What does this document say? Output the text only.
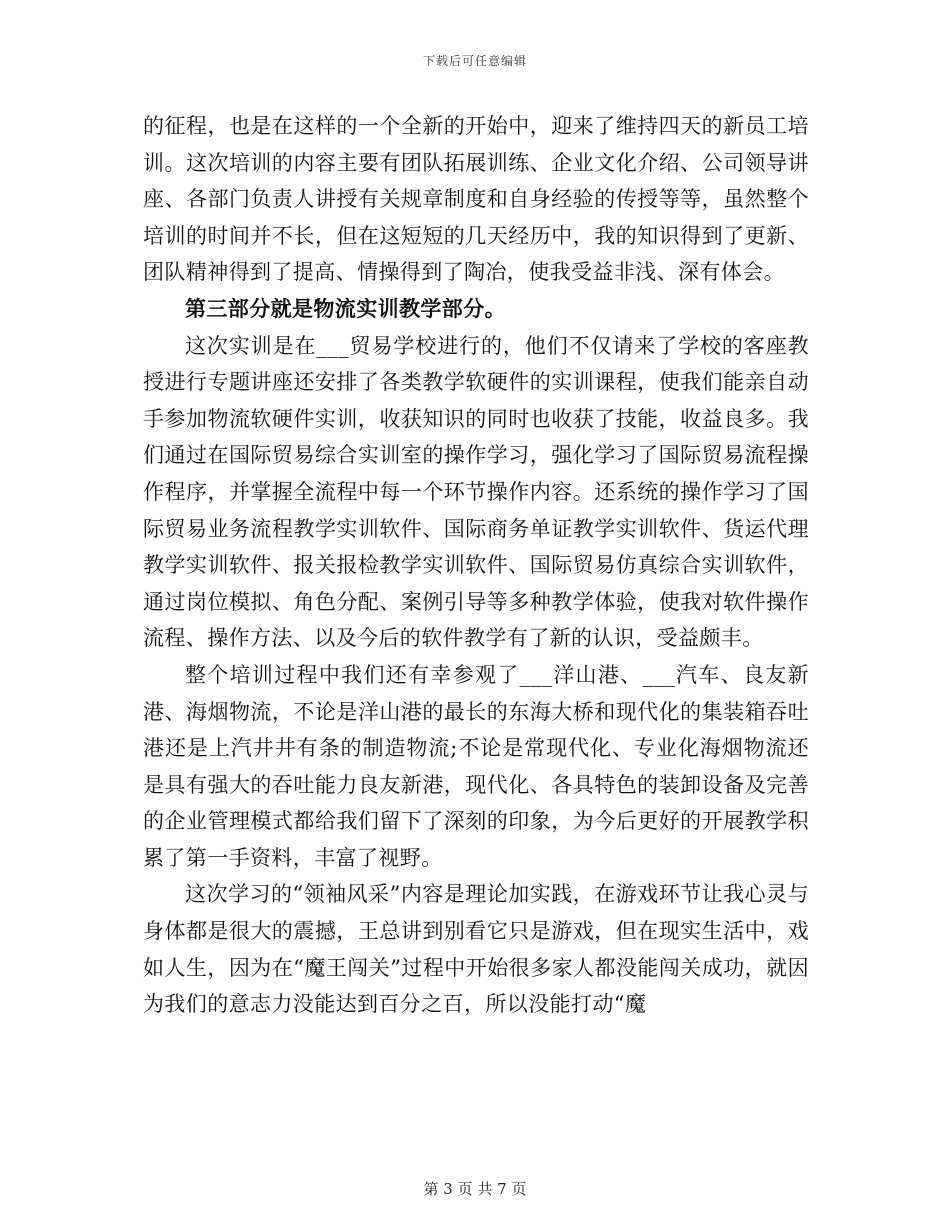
下载后可任意编辑

的征程，也是在这样的一个全新的开始中，迎来了维持四天的新员工培训。这次培训的内容主要有团队拓展训练、企业文化介绍、公司领导讲座、各部门负责人讲授有关规章制度和自身经验的传授等等，虽然整个培训的时间并不长，但在这短短的几天经历中，我的知识得到了更新、团队精神得到了提高、情操得到了陶冶，使我受益非浅、深有体会。

第三部分就是物流实训教学部分。

这次实训是在___贸易学校进行的，他们不仅请来了学校的客座教授进行专题讲座还安排了各类教学软硬件的实训课程，使我们能亲自动手参加物流软硬件实训，收获知识的同时也收获了技能，收益良多。我们通过在国际贸易综合实训室的操作学习，强化学习了国际贸易流程操作程序，并掌握全流程中每一个环节操作内容。还系统的操作学习了国际贸易业务流程教学实训软件、国际商务单证教学实训软件、货运代理教学实训软件、报关报检教学实训软件、国际贸易仿真综合实训软件，通过岗位模拟、角色分配、案例引导等多种教学体验，使我对软件操作流程、操作方法、以及今后的软件教学有了新的认识，受益颇丰。

整个培训过程中我们还有幸参观了___洋山港、___汽车、良友新港、海烟物流，不论是洋山港的最长的东海大桥和现代化的集装箱吞吐港还是上汽井井有条的制造物流;不论是常现代化、专业化海烟物流还是具有强大的吞吐能力良友新港，现代化、各具特色的装卸设备及完善的企业管理模式都给我们留下了深刻的印象，为今后更好的开展教学积累了第一手资料，丰富了视野。

这次学习的“领袖风采”内容是理论加实践，在游戏环节让我心灵与身体都是很大的震撼，王总讲到别看它只是游戏，但在现实生活中，戏如人生，因为在“魔王闯关”过程中开始很多家人都没能闯关成功，就因为我们的意志力没能达到百分之百，所以没能打动“魔

第 3 页 共 7 页
